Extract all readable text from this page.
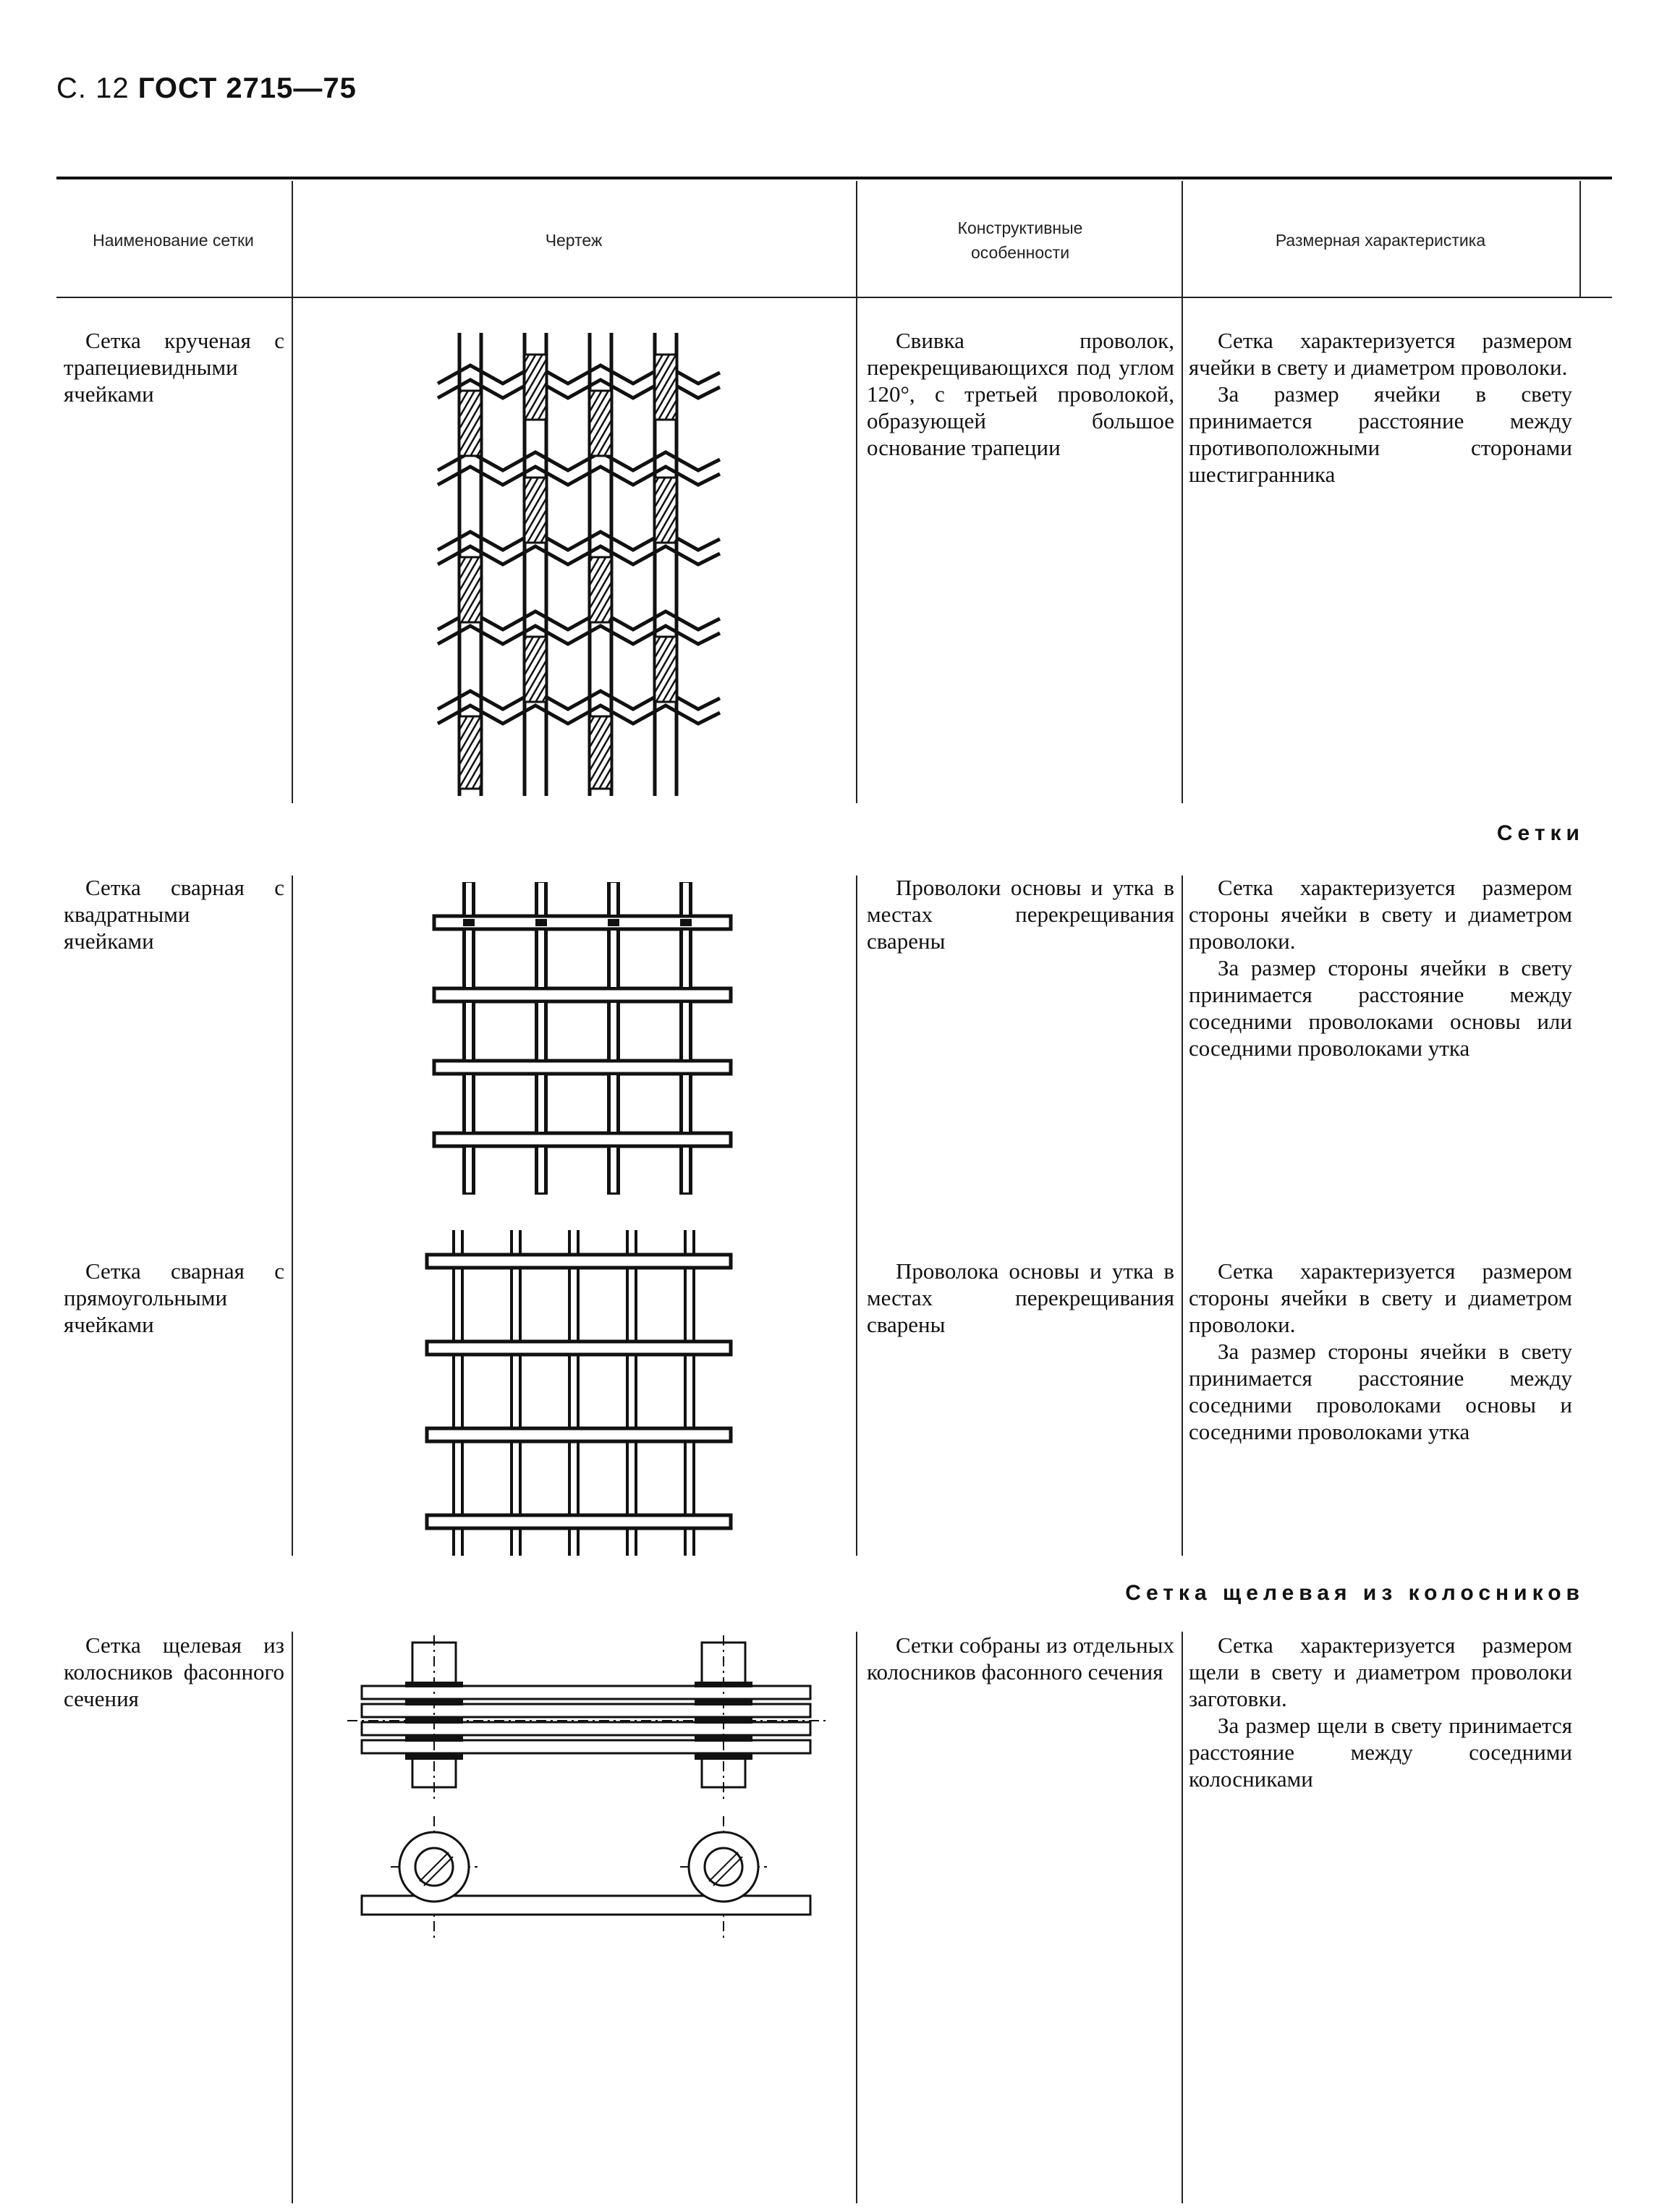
С. 12 ГОСТ 2715—75
Наименование сетки	Чертеж
Конструктивные особенности
Размерная характеристика
Сетка крученая с трапециевидными ячейками

Свивка проволок, перекрещивающихся под углом 120°, с третьей проволокой, образующей большое основание трапеции

Сетка характеризуется размером ячейки в свету и диаметром проволоки.

За размер ячейки в свету принимается расстояние между противоположными сторонами шестигранника

Сетки
Сетка сварная с квадратными ячейками

Проволоки основы и утка в местах перекрещивания сварены

Сетка характеризуется размером стороны ячейки в свету и диаметром проволоки.

За размер стороны ячейки в свету принимается расстояние между соседними проволоками основы или соседними проволоками утка

Сетка сварная с прямоугольными ячейками

Проволока основы и утка в местах перекрещивания сварены

Сетка характеризуется размером стороны ячейки в свету и диаметром проволоки.

За размер стороны ячейки в свету принимается расстояние между соседними проволоками основы и соседними проволоками утка

Сетка щелевая из колосников
Сетка щелевая из колосников фасонного сечения

Сетки собраны из отдельных колосников фасонного сечения

Сетка характеризуется размером щели в свету и диаметром проволоки заготовки.

За размер щели в свету принимается расстояние между соседними колосниками
